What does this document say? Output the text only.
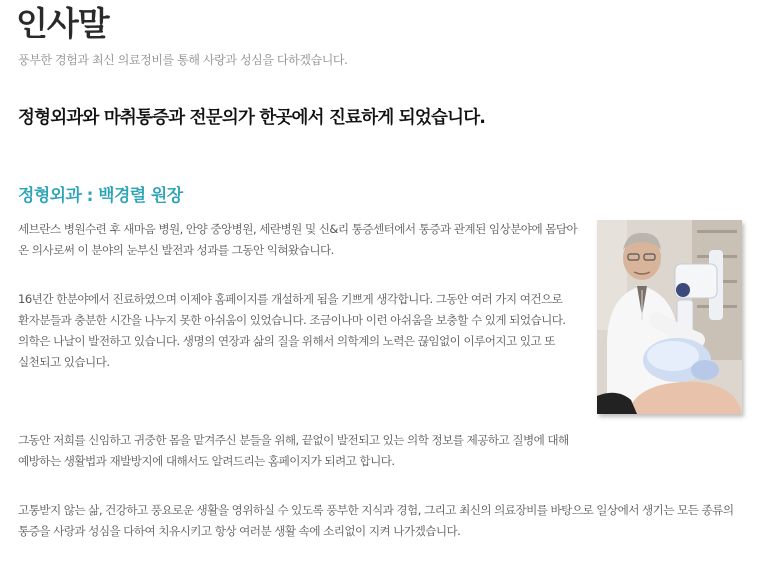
인사말

풍부한 경험과 최신 의료정비를 통해 사랑과 성심을 다하겠습니다.

정형외과와 마취통증과 전문의가 한곳에서 진료하게 되었습니다.
정형외과 : 백경렬 원장

세브란스 병원수련 후 새마음 병원, 안양 중앙병원, 세란병원 및 신&리 통증센터에서 통증과 관계된 임상분야에 몸담아 온 의사로써 이 분야의 눈부신 발전과 성과를 그동안 익혀왔습니다.

16년간 한분야에서 진료하였으며 이제야 홈페이지를 개설하게 됨을 기쁘게 생각합니다. 그동안 여러 가지 여건으로 환자분들과 충분한 시간을 나누지 못한 아쉬움이 있었습니다. 조금이나마 이런 아쉬움을 보충할 수 있게 되었습니다.
의학은 나날이 발전하고 있습니다. 생명의 연장과 삶의 질을 위해서 의학계의 노력은 끊임없이 이루어지고 있고 또 실천되고 있습니다.

그동안 저희를 신임하고 귀중한 몸을 맡겨주신 분들을 위해, 끝없이 발전되고 있는 의학 정보를 제공하고 질병에 대해 예방하는 생활법과 재발방지에 대해서도 알려드리는 홈페이지가 되려고 합니다.

고통받지 않는 삶, 건강하고 풍요로운 생활을 영위하실 수 있도록 풍부한 지식과 경험, 그리고 최신의 의료장비를 바탕으로 일상에서 생기는 모든 종류의 통증을 사랑과 성심을 다하여 치유시키고 항상 여러분 생활 속에 소리없이 지켜 나가겠습니다.
